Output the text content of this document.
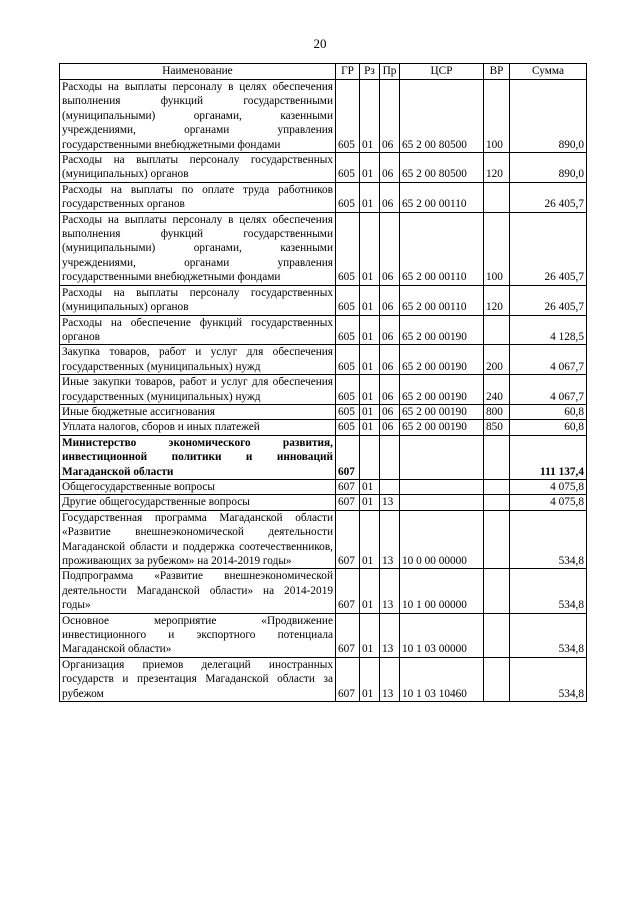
20
Наименование	ГР	Рз	Пр	ЦСР	ВР	Сумма
Расходы на выплаты персоналу в целях обеспечения выполнения функций государственными (муниципальными) органами, казенными учреждениями, органами управления государственными внебюджетными фондами	605	01	06	65 2 00 80500	100	890,0
Расходы на выплаты персоналу государственных (муниципальных) органов	605	01	06	65 2 00 80500	120	890,0
Расходы на выплаты по оплате труда работников государственных органов	605	01	06	65 2 00 00110		26 405,7
Расходы на выплаты персоналу в целях обеспечения выполнения функций государственными (муниципальными) органами, казенными учреждениями, органами управления государственными внебюджетными фондами	605	01	06	65 2 00 00110	100	26 405,7
Расходы на выплаты персоналу государственных (муниципальных) органов	605	01	06	65 2 00 00110	120	26 405,7
Расходы на обеспечение функций государственных органов	605	01	06	65 2 00 00190		4 128,5
Закупка товаров, работ и услуг для обеспечения государственных (муниципальных) нужд	605	01	06	65 2 00 00190	200	4 067,7
Иные закупки товаров, работ и услуг для обеспечения государственных (муниципальных) нужд	605	01	06	65 2 00 00190	240	4 067,7
Иные бюджетные ассигнования	605	01	06	65 2 00 00190	800	60,8
Уплата налогов, сборов и иных платежей	605	01	06	65 2 00 00190	850	60,8
Министерство экономического развития, инвестиционной политики и инноваций Магаданской области	607					111 137,4
Общегосударственные вопросы	607	01				4 075,8
Другие общегосударственные вопросы	607	01	13			4 075,8
Государственная программа Магаданской области «Развитие внешнеэкономической деятельности Магаданской области и поддержка соотечественников, проживающих за рубежом» на 2014-2019 годы»	607	01	13	10 0 00 00000		534,8
Подпрограмма «Развитие внешнеэкономической деятельности Магаданской области» на 2014-2019 годы»	607	01	13	10 1 00 00000		534,8
Основное мероприятие «Продвижение инвестиционного и экспортного потенциала Магаданской области»	607	01	13	10 1 03 00000		534,8
Организация приемов делегаций иностранных государств и презентация Магаданской области за рубежом	607	01	13	10 1 03 10460		534,8
